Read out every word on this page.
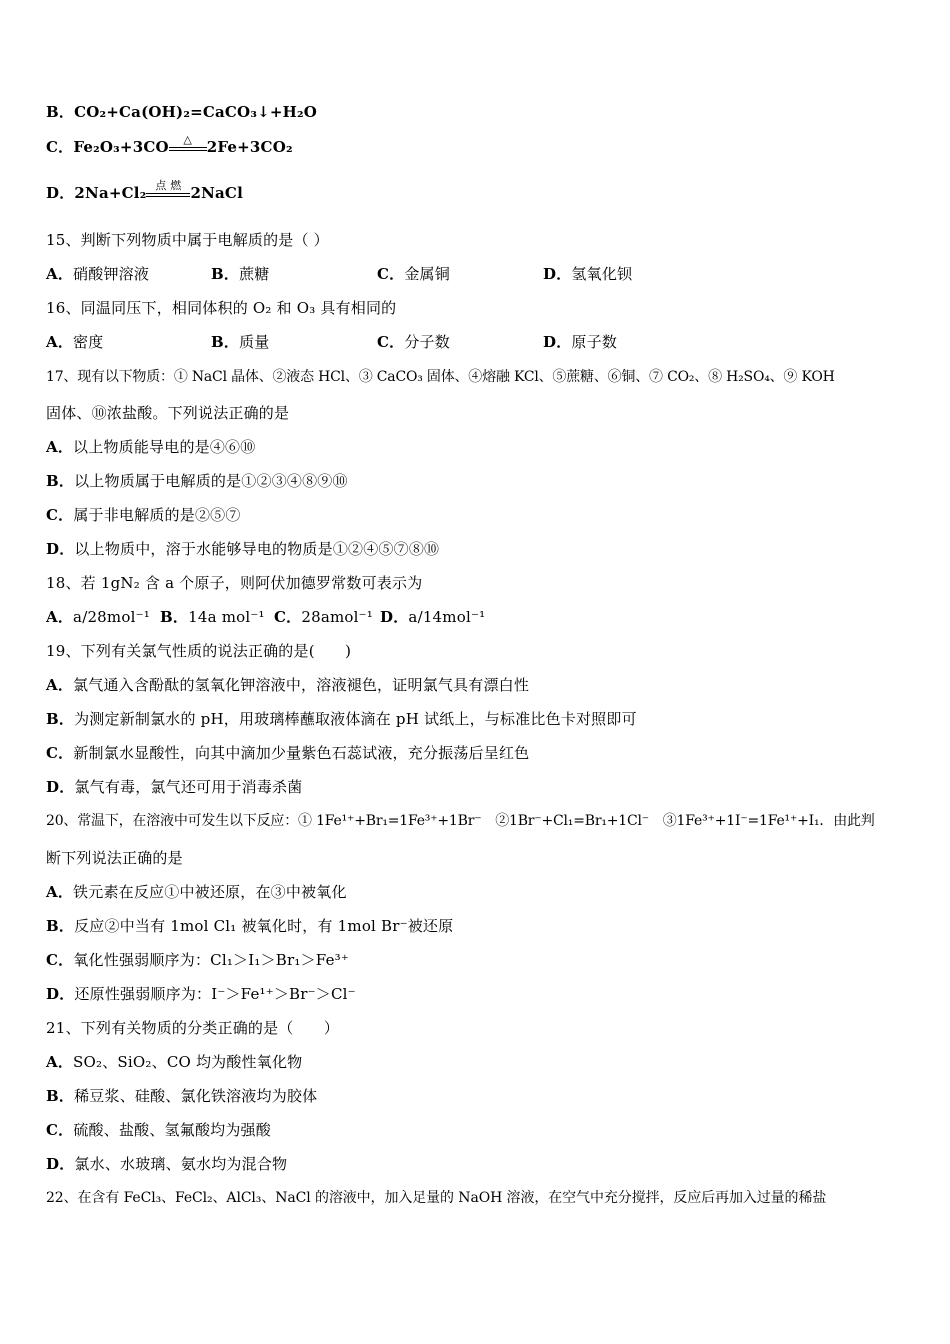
B．CO₂+Ca(OH)₂=CaCO₃↓+H₂O
C．Fe₂O₃+3CO	△ 2Fe+3CO₂
D．2Na+Cl₂ 点 燃 2NaCl
15、判断下列物质中属于电解质的是（ ）
A．硝酸钾溶液	B．蔗糖	C．金属铜	D．氢氧化钡
16、同温同压下，相同体积的 O₂ 和 O₃ 具有相同的
A．密度	B．质量	C．分子数	D．原子数
17、现有以下物质：① NaCl 晶体、②液态 HCl、③ CaCO₃ 固体、④熔融 KCl、⑤蔗糖、⑥铜、⑦ CO₂、⑧ H₂SO₄、⑨ KOH
固体、⑩浓盐酸。下列说法正确的是
A．以上物质能导电的是④⑥⑩
B．以上物质属于电解质的是①②③④⑧⑨⑩
C．属于非电解质的是②⑤⑦
D．以上物质中，溶于水能够导电的物质是①②④⑤⑦⑧⑩
18、若 1gN₂ 含 a 个原子，则阿伏加德罗常数可表示为
A．a/28mol⁻¹ B．14a mol⁻¹ C．28amol⁻¹ D．a/14mol⁻¹
19、下列有关氯气性质的说法正确的是(　　)
A．氯气通入含酚酞的氢氧化钾溶液中，溶液褪色，证明氯气具有漂白性
B．为测定新制氯水的 pH，用玻璃棒蘸取液体滴在 pH 试纸上，与标准比色卡对照即可
C．新制氯水显酸性，向其中滴加少量紫色石蕊试液，充分振荡后呈红色
D．氯气有毒，氯气还可用于消毒杀菌
20、常温下，在溶液中可发生以下反应：① 1Fe¹⁺+Br₁=1Fe³⁺+1Br⁻　②1Br⁻+Cl₁=Br₁+1Cl⁻　③1Fe³⁺+1I⁻=1Fe¹⁺+I₁．由此判
断下列说法正确的是
A．铁元素在反应①中被还原，在③中被氧化
B．反应②中当有 1mol Cl₁ 被氧化时，有 1mol Br⁻被还原
C．氧化性强弱顺序为：Cl₁＞I₁＞Br₁＞Fe³⁺
D．还原性强弱顺序为：I⁻＞Fe¹⁺＞Br⁻＞Cl⁻
21、下列有关物质的分类正确的是（　　）
A．SO₂、SiO₂、CO 均为酸性氧化物
B．稀豆浆、硅酸、氯化铁溶液均为胶体
C．硫酸、盐酸、氢氟酸均为强酸
D．氯水、水玻璃、氨水均为混合物
22、在含有 FeCl₃、FeCl₂、AlCl₃、NaCl 的溶液中，加入足量的 NaOH 溶液，在空气中充分搅拌，反应后再加入过量的稀盐
